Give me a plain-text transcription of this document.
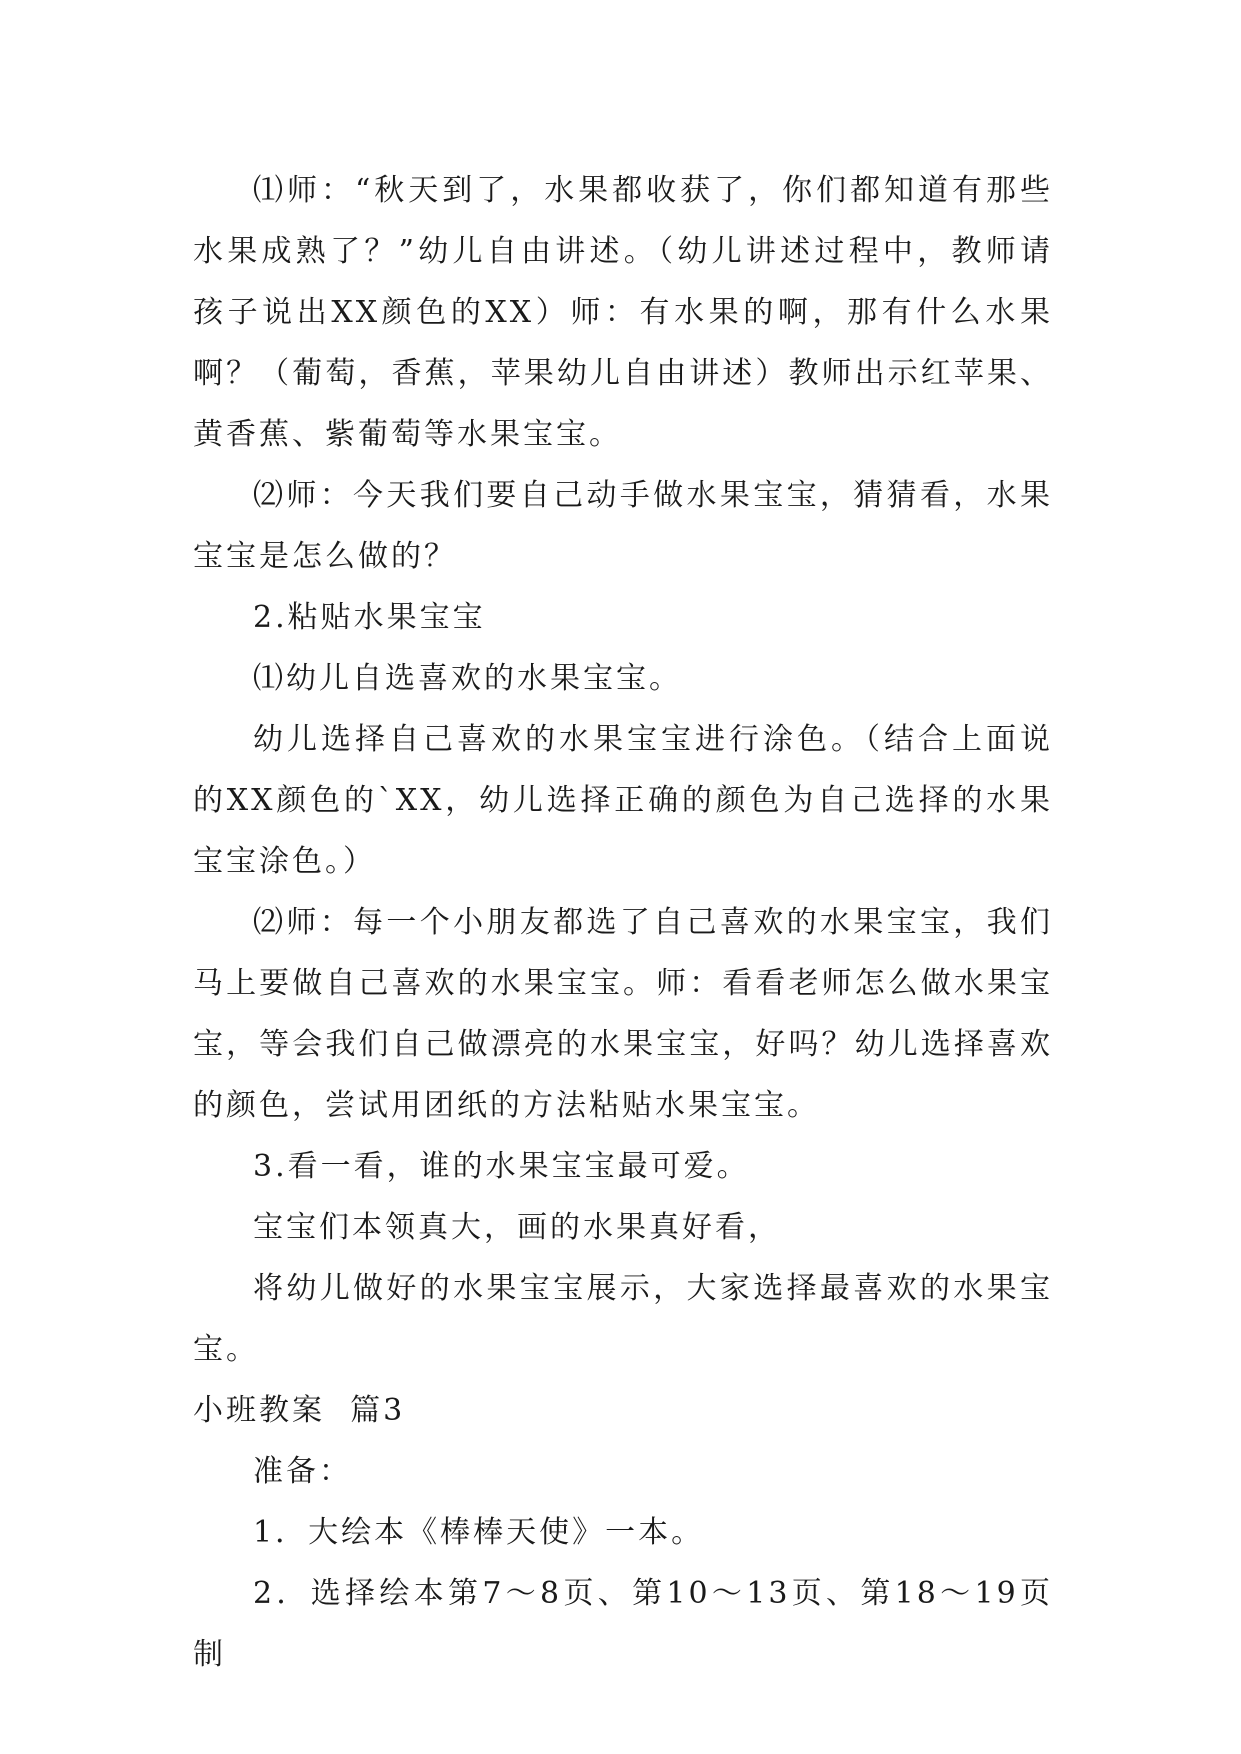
⑴师：“秋天到了，水果都收获了，你们都知道有那些水果成熟了？”幼儿自由讲述。（幼儿讲述过程中，教师请孩子说出XX颜色的XX）师：有水果的啊，那有什么水果啊？（葡萄，香蕉，苹果幼儿自由讲述）教师出示红苹果、黄香蕉、紫葡萄等水果宝宝。

⑵师：今天我们要自己动手做水果宝宝，猜猜看，水果宝宝是怎么做的？

2.粘贴水果宝宝

⑴幼儿自选喜欢的水果宝宝。

幼儿选择自己喜欢的水果宝宝进行涂色。（结合上面说的XX颜色的`XX，幼儿选择正确的颜色为自己选择的水果宝宝涂色。）

⑵师：每一个小朋友都选了自己喜欢的水果宝宝，我们马上要做自己喜欢的水果宝宝。师：看看老师怎么做水果宝宝，等会我们自己做漂亮的水果宝宝，好吗？幼儿选择喜欢的颜色，尝试用团纸的方法粘贴水果宝宝。

3.看一看，谁的水果宝宝最可爱。

宝宝们本领真大，画的水果真好看，

将幼儿做好的水果宝宝展示，大家选择最喜欢的水果宝宝。

小班教案  篇3

准备：

1．大绘本《棒棒天使》一本。

2．选择绘本第7～8页、第10～13页、第18～19页制
